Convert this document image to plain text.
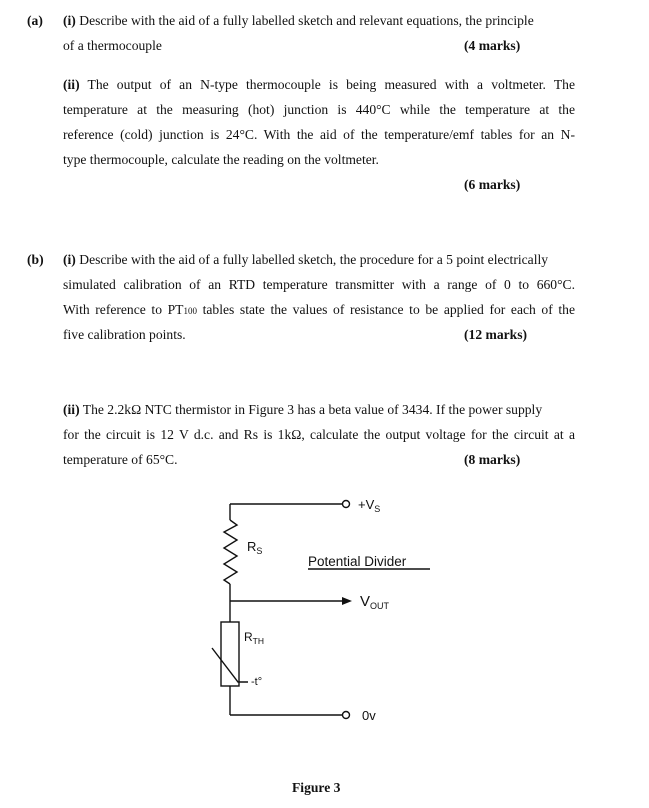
(a) (i) Describe with the aid of a fully labelled sketch and relevant equations, the principle
of a thermocouple	(4 marks)
(ii) The output of an N-type thermocouple is being measured with a voltmeter. The
temperature at the measuring (hot) junction is 440°C while the temperature at the
reference (cold) junction is 24°C. With the aid of the temperature/emf tables for an N-
type thermocouple, calculate the reading on the voltmeter.
(6 marks)
(b) (i) Describe with the aid of a fully labelled sketch, the procedure for a 5 point electrically
simulated calibration of an RTD temperature transmitter with a range of 0 to 660°C.
With reference to PT100 tables state the values of resistance to be applied for each of the
five calibration points.	(12 marks)
(ii) The 2.2kΩ NTC thermistor in Figure 3 has a beta value of 3434. If the power supply
for the circuit is 12 V d.c. and Rs is 1kΩ, calculate the output voltage for the circuit at a
temperature of 65°C.	(8 marks)
$+V_S$
$R_S$
Potential Divider
$V_{OUT}$
$R_{TH}$
-t°
0v
Figure 3
